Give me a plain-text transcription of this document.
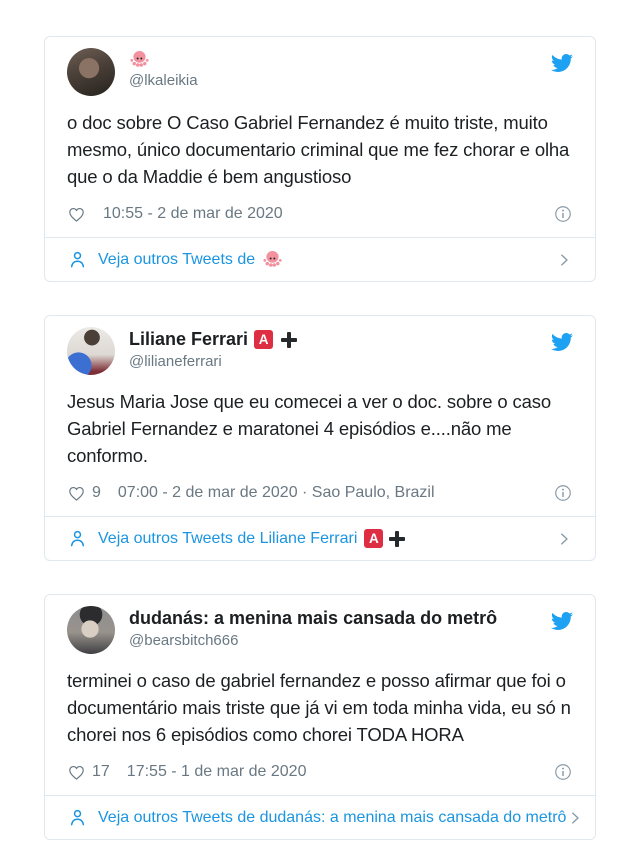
@lkaleikia
o doc sobre O Caso Gabriel Fernandez é muito triste, muito mesmo, único documentario criminal que me fez chorar e olha que o da Maddie é bem angustioso
10:55 - 2 de mar de 2020
Veja outros Tweets de
Liliane Ferrari A
@lilianeferrari
Jesus Maria Jose que eu comecei a ver o doc. sobre o caso Gabriel Fernandez e maratonei 4 episódios e....não me conformo.
9 07:00 - 2 de mar de 2020 · Sao Paulo, Brazil
Veja outros Tweets de Liliane Ferrari A
dudanás: a menina mais cansada do metrô
@bearsbitch666
terminei o caso de gabriel fernandez e posso afirmar que foi o documentário mais triste que já vi em toda minha vida, eu só n chorei nos 6 episódios como chorei TODA HORA
17 17:55 - 1 de mar de 2020
Veja outros Tweets de dudanás: a menina mais cansada do metrô
